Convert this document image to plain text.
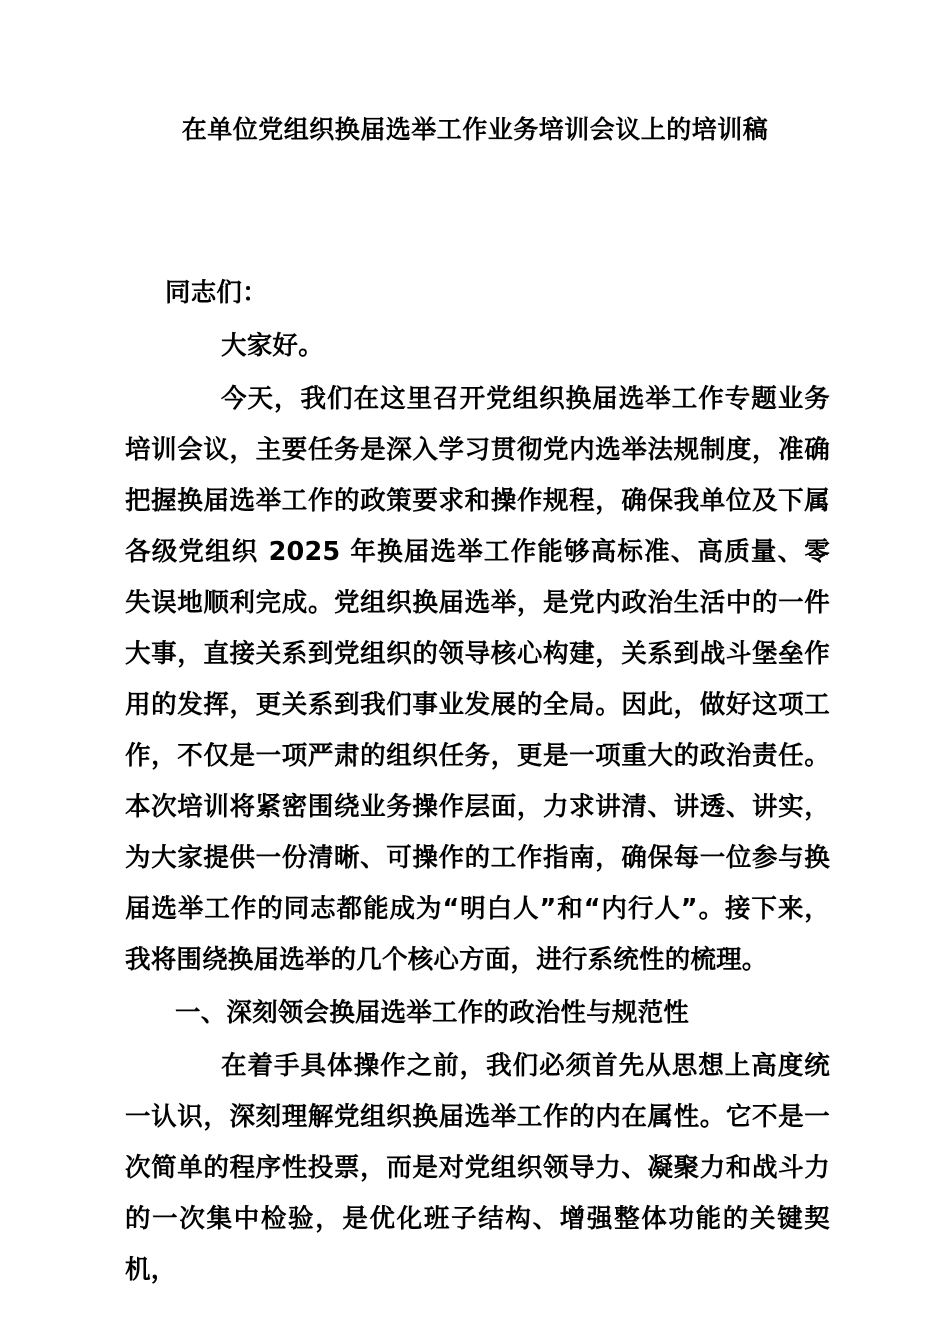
在单位党组织换届选举工作业务培训会议上的培训稿

同志们：

大家好。

今天，我们在这里召开党组织换届选举工作专题业务培训会议，主要任务是深入学习贯彻党内选举法规制度，准确把握换届选举工作的政策要求和操作规程，确保我单位及下属各级党组织 2025 年换届选举工作能够高标准、高质量、零失误地顺利完成。党组织换届选举，是党内政治生活中的一件大事，直接关系到党组织的领导核心构建，关系到战斗堡垒作用的发挥，更关系到我们事业发展的全局。因此，做好这项工作，不仅是一项严肃的组织任务，更是一项重大的政治责任。本次培训将紧密围绕业务操作层面，力求讲清、讲透、讲实，为大家提供一份清晰、可操作的工作指南，确保每一位参与换届选举工作的同志都能成为“明白人”和“内行人”。接下来，我将围绕换届选举的几个核心方面，进行系统性的梳理。

一、深刻领会换届选举工作的政治性与规范性

在着手具体操作之前，我们必须首先从思想上高度统一认识，深刻理解党组织换届选举工作的内在属性。它不是一次简单的程序性投票，而是对党组织领导力、凝聚力和战斗力的一次集中检验，是优化班子结构、增强整体功能的关键契机，
